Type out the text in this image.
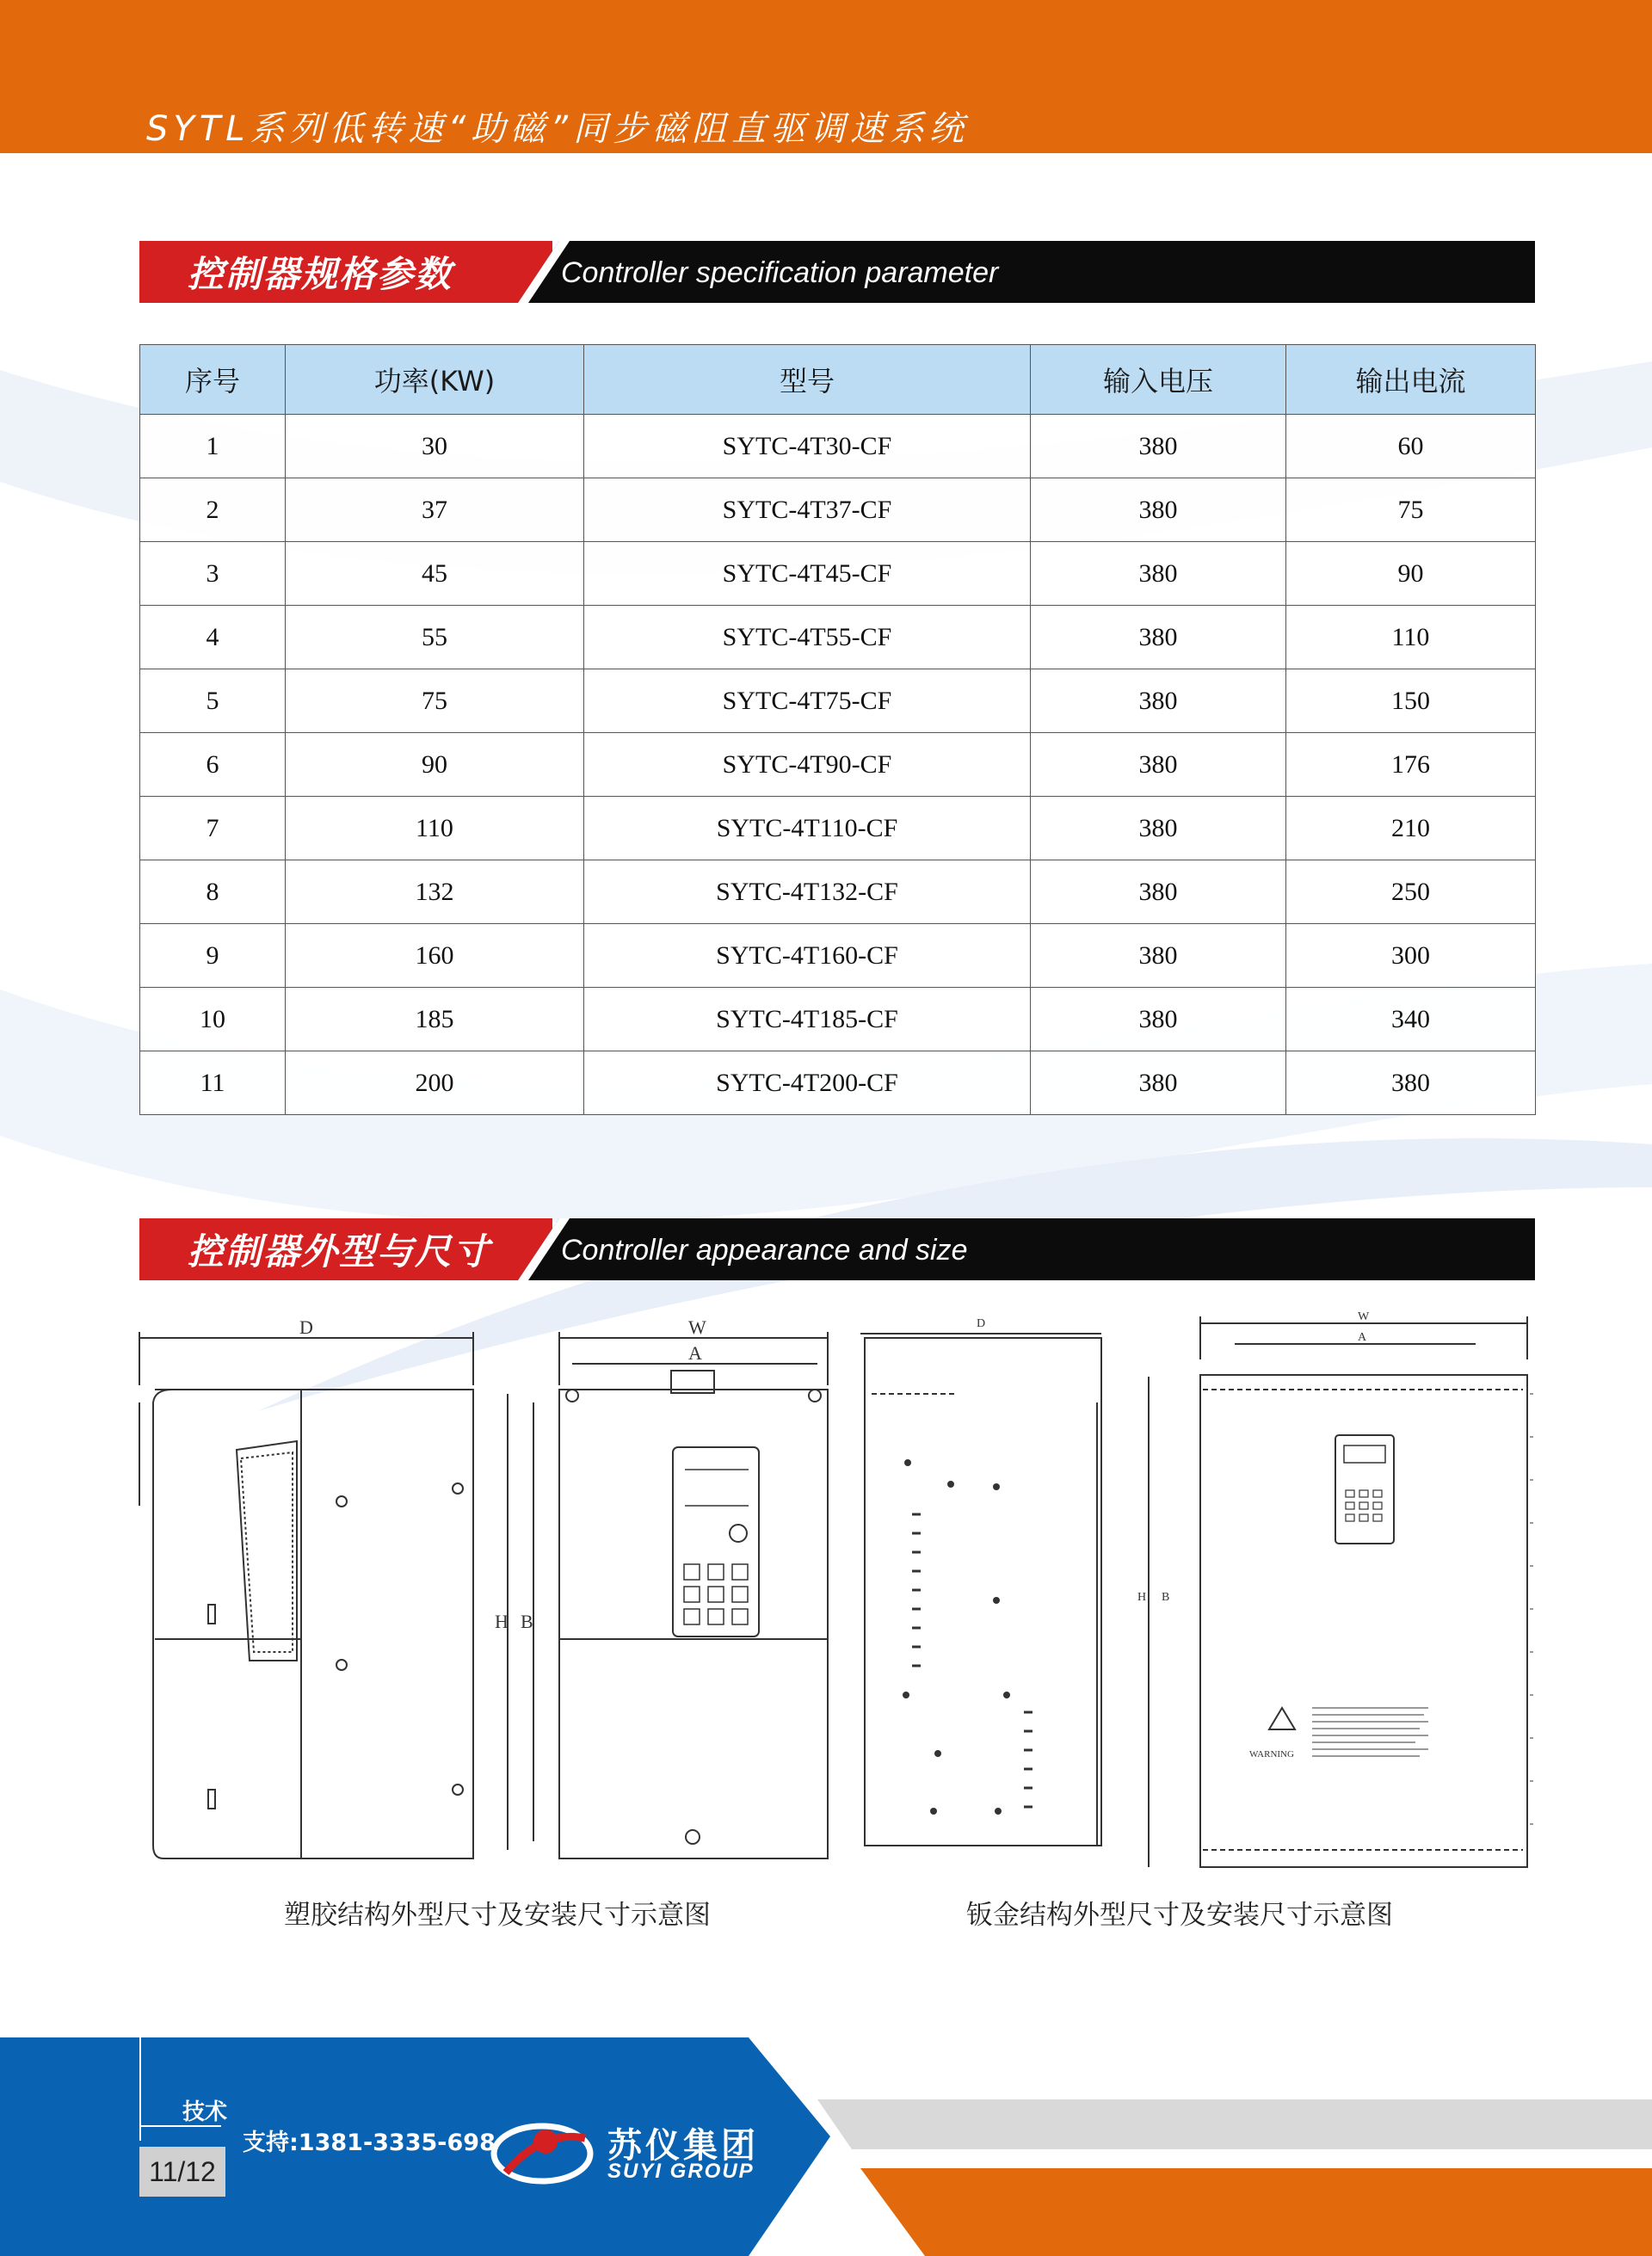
SYTL系列低转速“助磁”同步磁阻直驱调速系统
控制器规格参数	Controller specification parameter
序号	功率(KW)	型号	输入电压	输出电流
1	30	SYTC-4T30-CF	380	60
2	37	SYTC-4T37-CF	380	75
3	45	SYTC-4T45-CF	380	90
4	55	SYTC-4T55-CF	380	110
5	75	SYTC-4T75-CF	380	150
6	90	SYTC-4T90-CF	380	176
7	110	SYTC-4T110-CF	380	210
8	132	SYTC-4T132-CF	380	250
9	160	SYTC-4T160-CF	380	300
10	185	SYTC-4T185-CF	380	340
11	200	SYTC-4T200-CF	380	380
控制器外型与尺寸 Controller appearance and size
D	W
A
H B
D
W
A
H B
WARNING
塑胶结构外型尺寸及安装尺寸示意图	钣金结构外型尺寸及安装尺寸示意图
技术
支持:1381-3335-698
11/12
苏仪集团
SUYI GROUP
